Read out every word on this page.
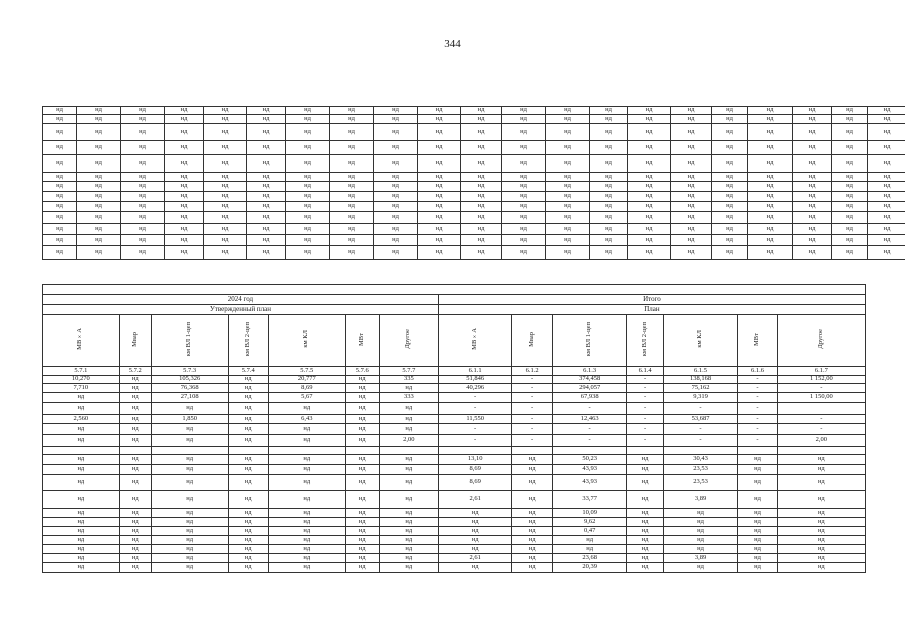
344
нд	нд	нд	нд	нд	нд	нд	нд	нд	нд	нд	нд	нд	нд	нд	нд	нд	нд	нд	нд	нд
нд	нд	нд	нд	нд	нд	нд	нд	нд	нд	нд	нд	нд	нд	нд	нд	нд	нд	нд	нд	нд
нд	нд	нд	нд	нд	нд	нд	нд	нд	нд	нд	нд	нд	нд	нд	нд	нд	нд	нд	нд	нд
нд	нд	нд	нд	нд	нд	нд	нд	нд	нд	нд	нд	нд	нд	нд	нд	нд	нд	нд	нд	нд
нд	нд	нд	нд	нд	нд	нд	нд	нд	нд	нд	нд	нд	нд	нд	нд	нд	нд	нд	нд	нд
нд	нд	нд	нд	нд	нд	нд	нд	нд	нд	нд	нд	нд	нд	нд	нд	нд	нд	нд	нд	нд
нд	нд	нд	нд	нд	нд	нд	нд	нд	нд	нд	нд	нд	нд	нд	нд	нд	нд	нд	нд	нд
нд	нд	нд	нд	нд	нд	нд	нд	нд	нд	нд	нд	нд	нд	нд	нд	нд	нд	нд	нд	нд
нд	нд	нд	нд	нд	нд	нд	нд	нд	нд	нд	нд	нд	нд	нд	нд	нд	нд	нд	нд	нд
нд	нд	нд	нд	нд	нд	нд	нд	нд	нд	нд	нд	нд	нд	нд	нд	нд	нд	нд	нд	нд
нд	нд	нд	нд	нд	нд	нд	нд	нд	нд	нд	нд	нд	нд	нд	нд	нд	нд	нд	нд	нд
нд	нд	нд	нд	нд	нд	нд	нд	нд	нд	нд	нд	нд	нд	нд	нд	нд	нд	нд	нд	нд
нд	нд	нд	нд	нд	нд	нд	нд	нд	нд	нд	нд	нд	нд	нд	нд	нд	нд	нд	нд	нд

2024 год							Итого						
Утвержденный план							План						
МВ×А	Мвар	км ВЛ 1-цеп	км ВЛ 2-цеп	км КЛ	МВт	Другое	МВ×А	Мвар	км ВЛ 1-цеп	км ВЛ 2-цеп	км КЛ	МВт	Другое
5.7.1	5.7.2	5.7.3	5.7.4	5.7.5	5.7.6	5.7.7	6.1.1	6.1.2	6.1.3	6.1.4	6.1.5	6.1.6	6.1.7
10,270	нд	105,326	нд	20,777	нд	335	51,846	-	374,458	-	138,168	-	1 152,00
7,710	нд	76,368	нд	8,69	нд	нд	40,296	-	294,057	-	75,162	-	-
нд	нд	27,108	нд	5,67	нд	333	-	-	67,938	-	9,319	-	1 150,00
нд	нд	нд	нд	нд	нд	нд	-	-	-	-	-	-	
2,560	нд	1,850	нд	6,43	нд	нд	11,550	-	12,463	-	53,687	-	-
нд	нд	нд	нд	нд	нд	нд	-	-	-	-	-	-	-
нд	нд	нд	нд	нд	нд	2,00	-	-	-	-	-	-	2,00

нд	нд	нд	нд	нд	нд	нд	13,10	нд	50,23	нд	30,43	нд	нд
нд	нд	нд	нд	нд	нд	нд	8,69	нд	43,93	нд	23,53	нд	нд
нд	нд	нд	нд	нд	нд	нд	8,69	нд	43,93	нд	23,53	нд	нд
нд	нд	нд	нд	нд	нд	нд	2,61	нд	33,77	нд	3,89	нд	нд
нд	нд	нд	нд	нд	нд	нд	нд	нд	10,09	нд	нд	нд	нд
нд	нд	нд	нд	нд	нд	нд	нд	нд	9,62	нд	нд	нд	нд
нд	нд	нд	нд	нд	нд	нд	нд	нд	0,47	нд	нд	нд	нд
нд	нд	нд	нд	нд	нд	нд	нд	нд	нд	нд	нд	нд	нд
нд	нд	нд	нд	нд	нд	нд	нд	нд	нд	нд	нд	нд	нд
нд	нд	нд	нд	нд	нд	нд	2,61	нд	23,68	нд	3,89	нд	нд
нд	нд	нд	нд	нд	нд	нд	нд	нд	20,39	нд	нд	нд	нд
